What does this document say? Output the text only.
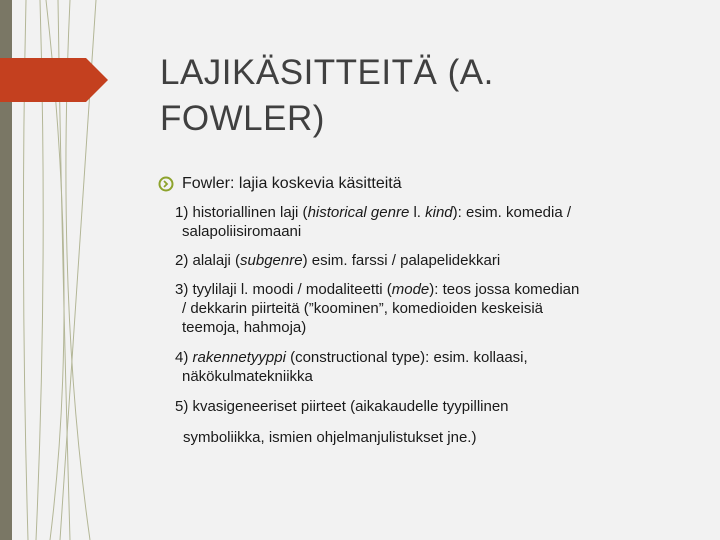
LAJIKÄSITTEITÄ (A.
FOWLER)
Fowler: lajia koskevia käsitteitä
1) historiallinen laji (historical genre l. kind): esim. komedia /
salapoliisiromaani
2) alalaji (subgenre) esim. farssi / palapelidekkari
3) tyylilaji l. moodi / modaliteetti (mode): teos jossa komedian
/ dekkarin piirteitä (”koominen”, komedioiden keskeisiä
teemoja, hahmoja)
4) rakennetyyppi (constructional type): esim. kollaasi,
näkökulmatekniikka
5) kvasigeneeriset piirteet (aikakaudelle tyypillinen
symboliikka, ismien ohjelmanjulistukset jne.)
